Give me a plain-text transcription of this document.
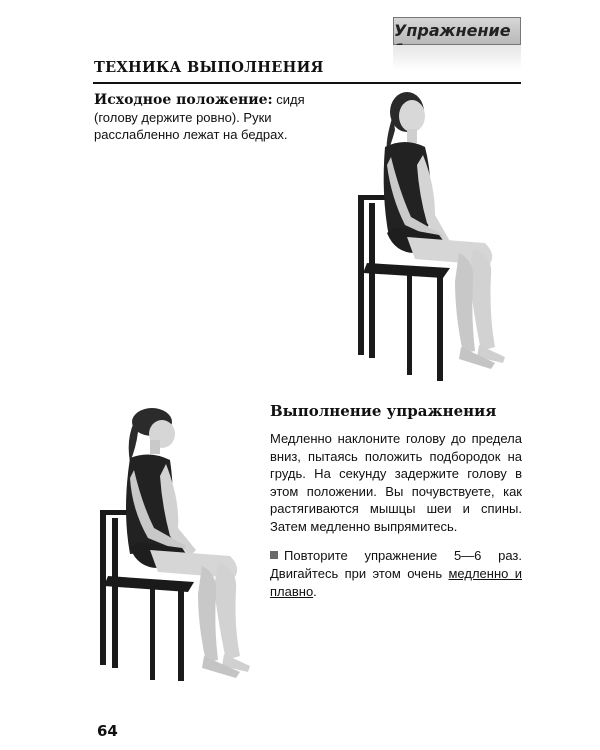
Упражнение
ТЕХНИКА ВЫПОЛНЕНИЯ

Исходное положение: сидя (голову держите ровно). Руки расслабленно лежат на бедрах.

Выполнение упражнения

Медленно наклоните голову до предела вниз, пытаясь положить подбородок на грудь. На секунду задержите голову в этом положении. Вы почувствуете, как растягиваются мышцы шеи и спины. Затем медленно выпрямитесь.

Повторите упражнение 5—6 раз. Двигайтесь при этом очень медленно и плавно.

64
